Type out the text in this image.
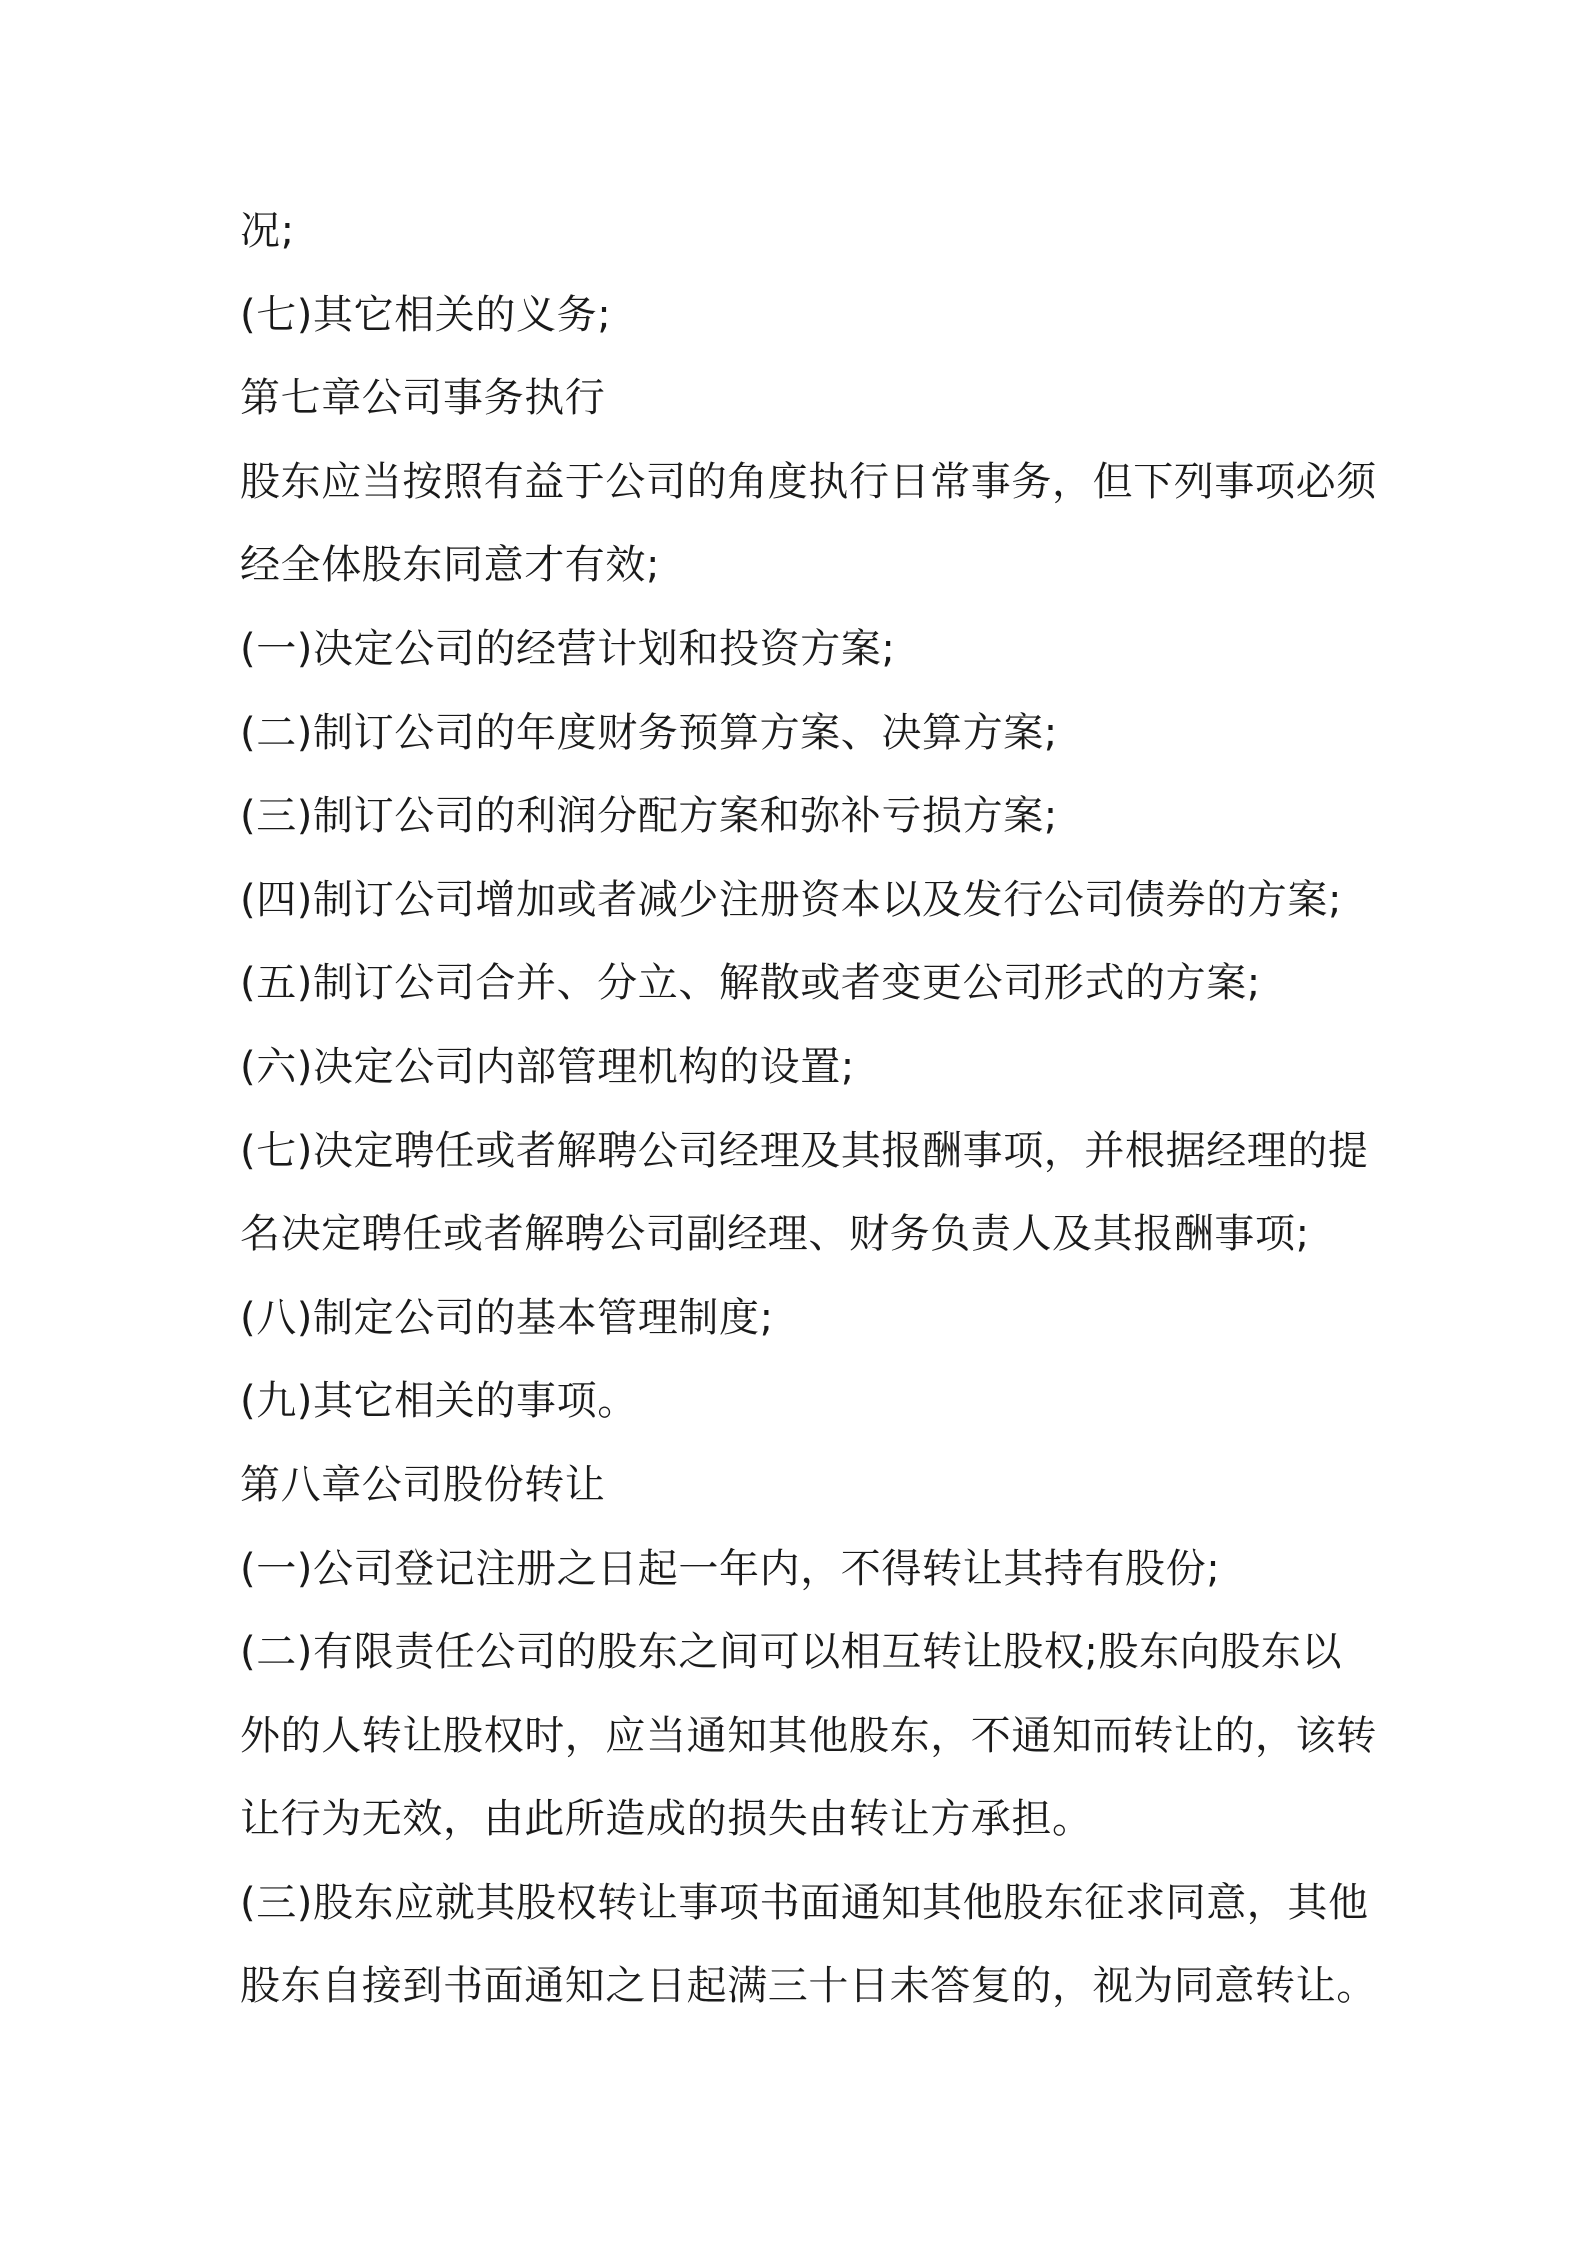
况;

(七)其它相关的义务;

第七章公司事务执行

股东应当按照有益于公司的角度执行日常事务，但下列事项必须

经全体股东同意才有效;

(一)决定公司的经营计划和投资方案;

(二)制订公司的年度财务预算方案、决算方案;

(三)制订公司的利润分配方案和弥补亏损方案;

(四)制订公司增加或者减少注册资本以及发行公司债券的方案;

(五)制订公司合并、分立、解散或者变更公司形式的方案;

(六)决定公司内部管理机构的设置;

(七)决定聘任或者解聘公司经理及其报酬事项，并根据经理的提

名决定聘任或者解聘公司副经理、财务负责人及其报酬事项;

(八)制定公司的基本管理制度;

(九)其它相关的事项。

第八章公司股份转让

(一)公司登记注册之日起一年内，不得转让其持有股份;

(二)有限责任公司的股东之间可以相互转让股权;股东向股东以

外的人转让股权时，应当通知其他股东，不通知而转让的，该转

让行为无效，由此所造成的损失由转让方承担。

(三)股东应就其股权转让事项书面通知其他股东征求同意，其他

股东自接到书面通知之日起满三十日未答复的，视为同意转让。
